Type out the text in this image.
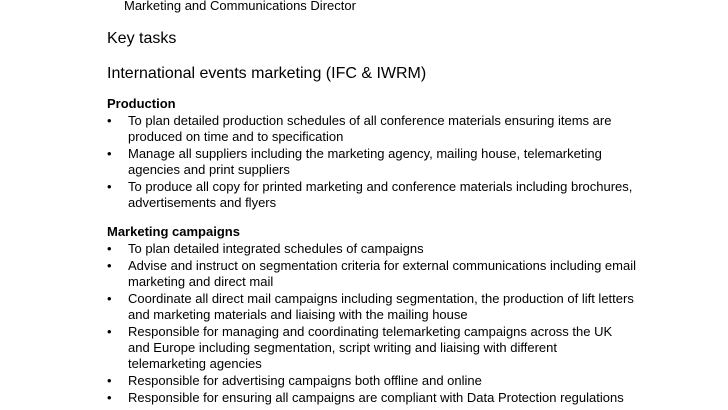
Marketing and Communications Director

Key tasks
International events marketing (IFC & IWRM)

Production

•	To plan detailed production schedules of all conference materials ensuring items are produced on time and to specification
•	Manage all suppliers including the marketing agency, mailing house, telemarketing agencies and print suppliers
•	To produce all copy for printed marketing and conference materials including brochures, advertisements and flyers

Marketing campaigns

•	To plan detailed integrated schedules of campaigns
•	Advise and instruct on segmentation criteria for external communications including email marketing and direct mail
•	Coordinate all direct mail campaigns including segmentation, the production of lift letters and marketing materials and liaising with the mailing house
•	Responsible for managing and coordinating telemarketing campaigns across the UK and Europe including segmentation, script writing and liaising with different telemarketing agencies
•	Responsible for advertising campaigns both offline and online
•	Responsible for ensuring all campaigns are compliant with Data Protection regulations
